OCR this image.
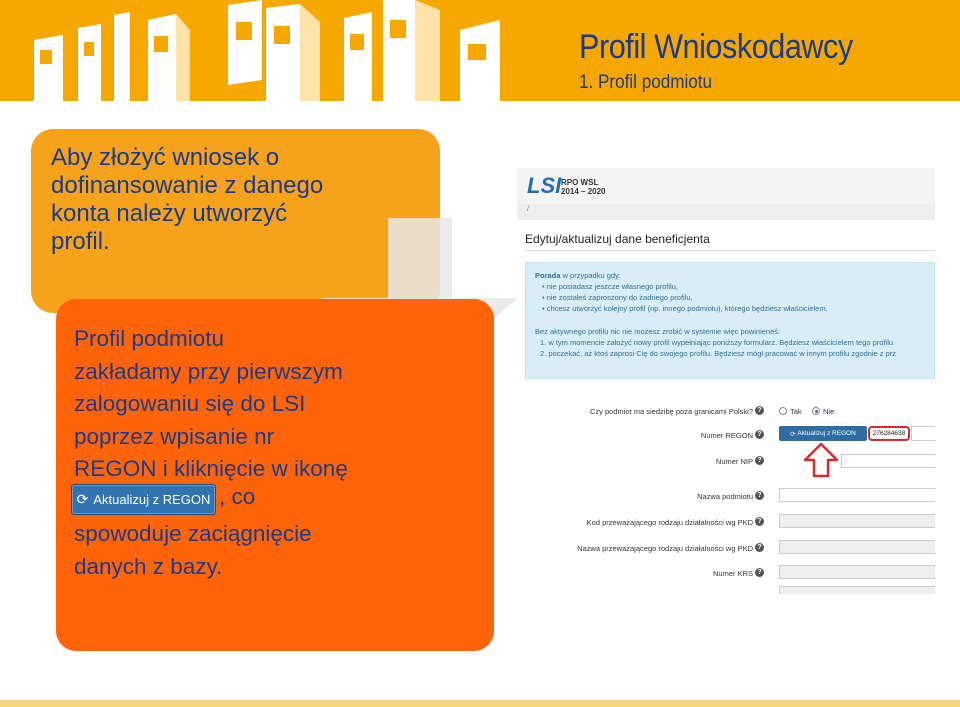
Profil Wnioskodawcy
1. Profil podmiotu
Aby złożyć wniosek o dofinansowanie z danego konta należy utworzyć profil.
Profil podmiotu
zakładamy przy pierwszym
zalogowaniu się do LSI
poprzez wpisanie nr
REGON i kliknięcie w ikonę
spowoduje zaciągnięcie
danych z bazy.
⟳ Aktualizuj z REGON , co
LSI RPO WSL
2014 – 2020
/
Edytuj/aktualizuj dane beneficjenta
Porada w przypadku gdy:
• nie posiadasz jeszcze własnego profilu,
• nie zostałeś zaproszony do żadnego profilu,
• chcesz utworzyć kolejny profil (np. innego podmiotu), którego będziesz właścicielem.
Bez aktywnego profilu nic nie możesz zrobić w systemie więc powinieneś:
1. w tym momencie założyć nowy profil wypełniając poniższy formularz. Będziesz właścicielem tego profilu
2. poczekać, aż ktoś zaprosi Cię do swojego profilu. Będziesz mógł pracować w innym profilu zgodnie z prz
Czy podmiot ma siedzibę poza granicami Polski? ?	Tak	Nie
Numer REGON ?	⟳ Aktualizuj z REGON	276284638
Numer NIP ?
Nazwa podmiotu ?
Kod przeważającego rodzaju działalności wg PKD ?
Nazwa przeważającego rodzaju działalności wg PKD ?
Numer KRS ?
